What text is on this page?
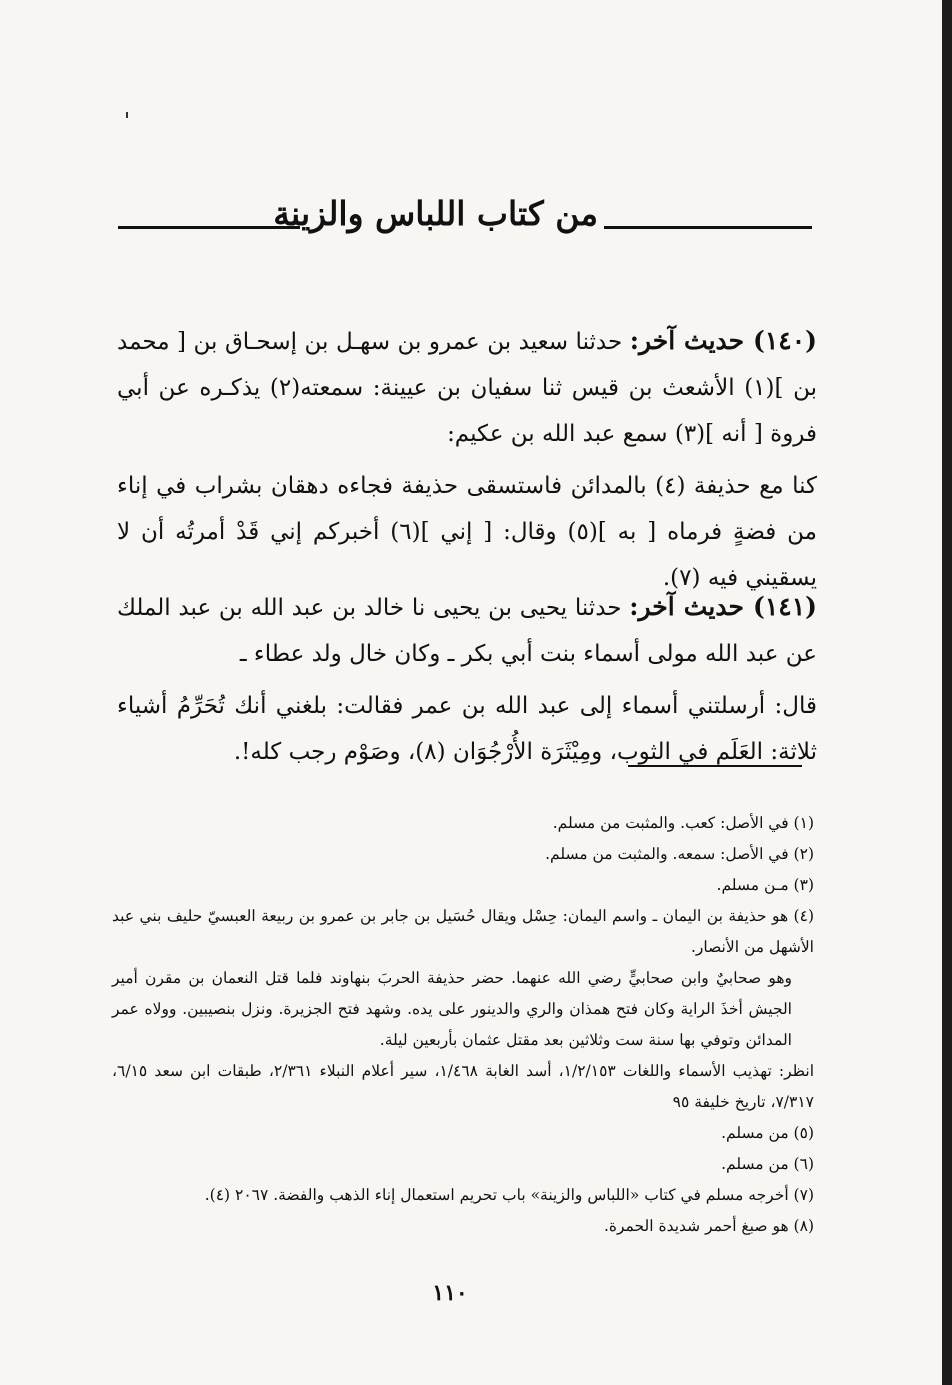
من كتاب اللباس والزينة

(١٤٠) حديث آخر: حدثنا سعيد بن عمرو بن سهـل بن إسحـاق بن [ محمد بن ](١) الأشعث بن قيس ثنا سفيان بن عيينة: سمعته(٢) يذكـره عن أبي فروة [ أنه ](٣) سمع عبد الله بن عكيم:

كنا مع حذيفة (٤) بالمدائن فاستسقى حذيفة فجاءه دهقان بشراب في إناء من فضةٍ فرماه [ به ](٥) وقال: [ إني ](٦) أخبركم إني قَدْ أمرتُه أن لا يسقيني فيه (٧).

(١٤١) حديث آخر: حدثنا يحيى بن يحيى نا خالد بن عبد الله بن عبد الملك عن عبد الله مولى أسماء بنت أبي بكر ـ وكان خال ولد عطاء ـ

قال: أرسلتني أسماء إلى عبد الله بن عمر فقالت: بلغني أنك تُحَرِّمُ أشياء ثلاثة: العَلَم في الثوب، ومِيْثَرَة الأُرْجُوَان (٨)، وصَوْم رجب كله!.

(١) في الأصل: كعب. والمثبت من مسلم.

(٢) في الأصل: سمعه. والمثبت من مسلم.

(٣) مـن مسلم.

(٤) هو حذيفة بن اليمان ـ واسم اليمان: حِسْل ويقال حُسَيل بن جابر بن عمرو بن ربيعة العبسيّ حليف بني عبد الأشهل من الأنصار.

وهو صحابيٌ وابن صحابيٍّ رضي الله عنهما. حضر حذيفة الحربَ بنهاوند فلما قتل النعمان بن مقرن أمير الجيش أخذَ الراية وكان فتح همذان والري والدينور على يده. وشهد فتح الجزيرة. ونزل بنصيبين. وولاه عمر المدائن وتوفي بها سنة ست وثلاثين بعد مقتل عثمان بأربعين ليلة.

انظر: تهذيب الأسماء واللغات ١/٢/١٥٣، أسد الغابة ١/٤٦٨، سير أعلام النبلاء ٢/٣٦١، طبقات ابن سعد ٦/١٥، ٧/٣١٧، تاريخ خليفة ٩٥

(٥) من مسلم.

(٦) من مسلم.

(٧) أخرجه مسلم في كتاب «اللباس والزينة» باب تحريم استعمال إناء الذهب والفضة. ٢٠٦٧ (٤).

(٨) هو صبغ أحمر شديدة الحمرة.

١١٠
